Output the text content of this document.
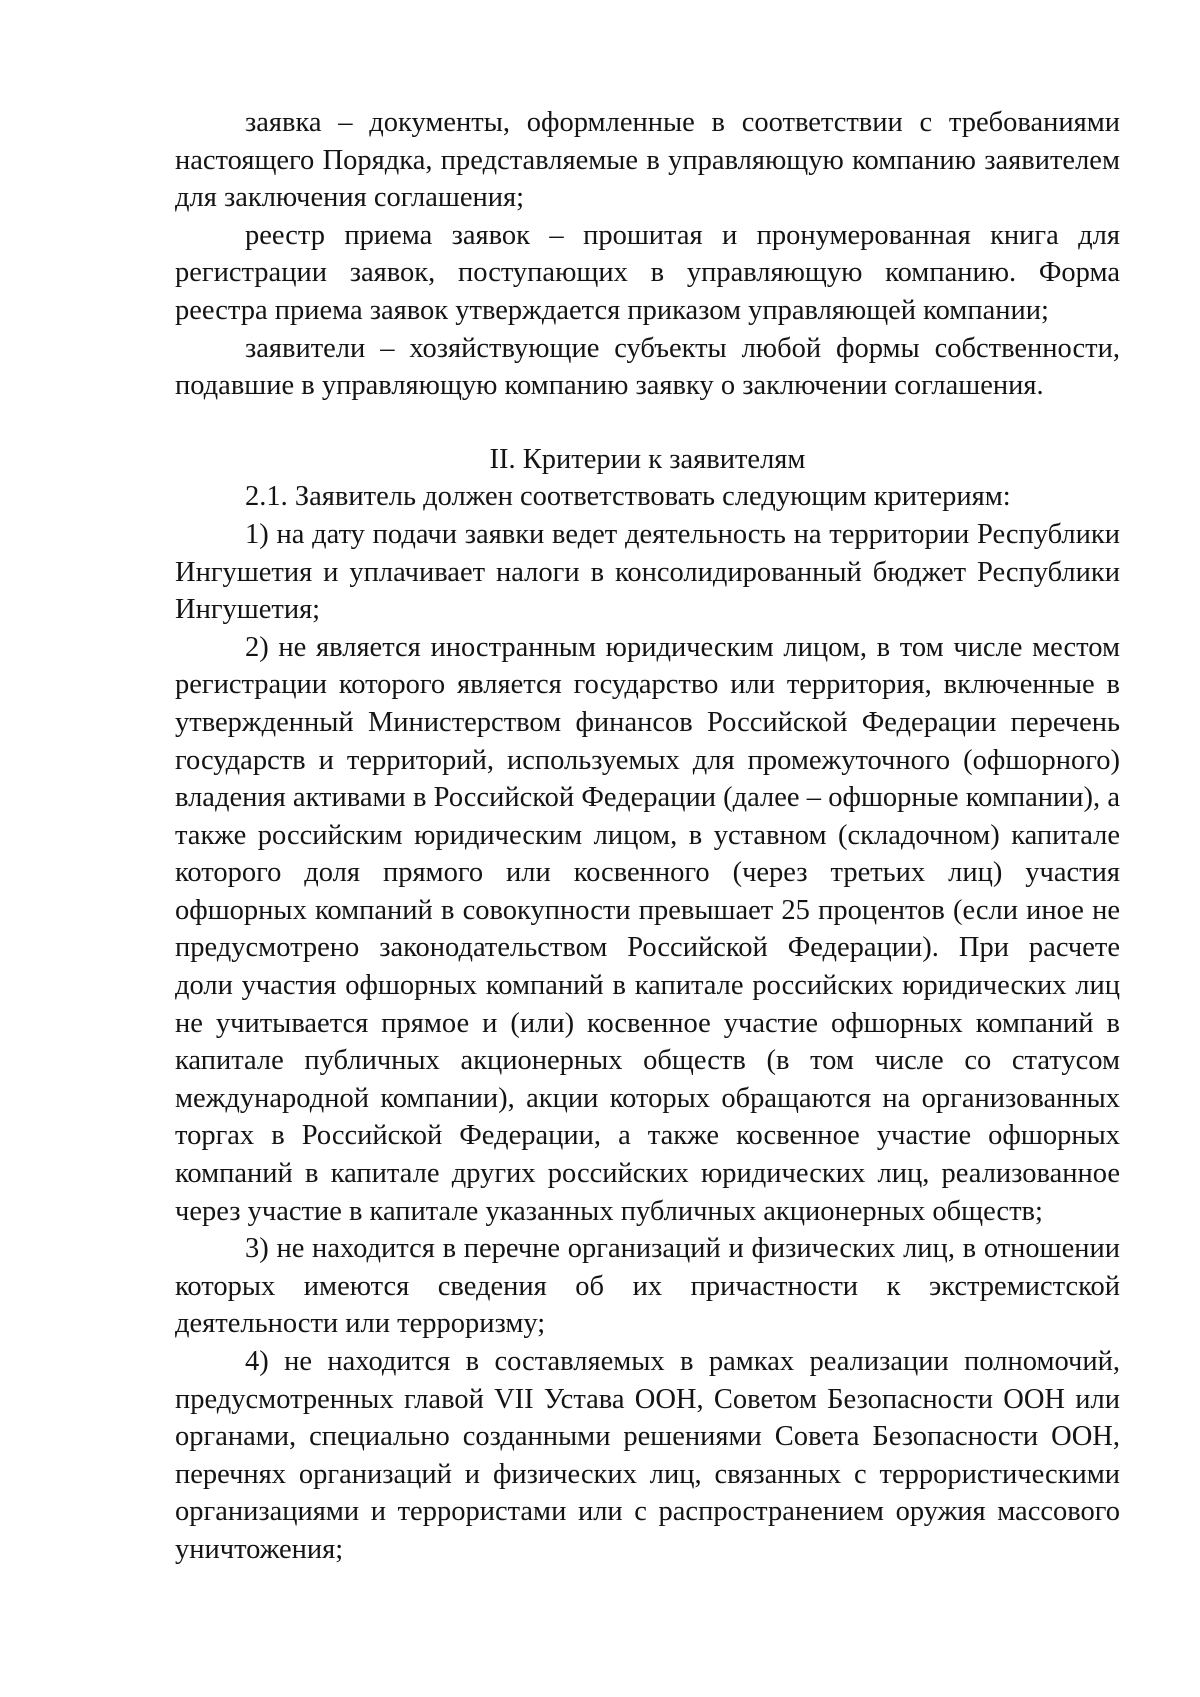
заявка – документы, оформленные в соответствии с требованиями настоящего Порядка, представляемые в управляющую компанию заявителем для заключения соглашения;

реестр приема заявок – прошитая и пронумерованная книга для регистрации заявок, поступающих в управляющую компанию. Форма реестра приема заявок утверждается приказом управляющей компании;

заявители – хозяйствующие субъекты любой формы собственности, подавшие в управляющую компанию заявку о заключении соглашения.

II. Критерии к заявителям

2.1. Заявитель должен соответствовать следующим критериям:

1) на дату подачи заявки ведет деятельность на территории Республики Ингушетия и уплачивает налоги в консолидированный бюджет Республики Ингушетия;

2) не является иностранным юридическим лицом, в том числе местом регистрации которого является государство или территория, включенные в утвержденный Министерством финансов Российской Федерации перечень государств и территорий, используемых для промежуточного (офшорного) владения активами в Российской Федерации (далее – офшорные компании), а также российским юридическим лицом, в уставном (складочном) капитале которого доля прямого или косвенного (через третьих лиц) участия офшорных компаний в совокупности превышает 25 процентов (если иное не предусмотрено законодательством Российской Федерации). При расчете доли участия офшорных компаний в капитале российских юридических лиц не учитывается прямое и (или) косвенное участие офшорных компаний в капитале публичных акционерных обществ (в том числе со статусом международной компании), акции которых обращаются на организованных торгах в Российской Федерации, а также косвенное участие офшорных компаний в капитале других российских юридических лиц, реализованное через участие в капитале указанных публичных акционерных обществ;

3) не находится в перечне организаций и физических лиц, в отношении которых имеются сведения об их причастности к экстремистской деятельности или терроризму;

4) не находится в составляемых в рамках реализации полномочий, предусмотренных главой VII Устава ООН, Советом Безопасности ООН или органами, специально созданными решениями Совета Безопасности ООН, перечнях организаций и физических лиц, связанных с террористическими организациями и террористами или с распространением оружия массового уничтожения;
